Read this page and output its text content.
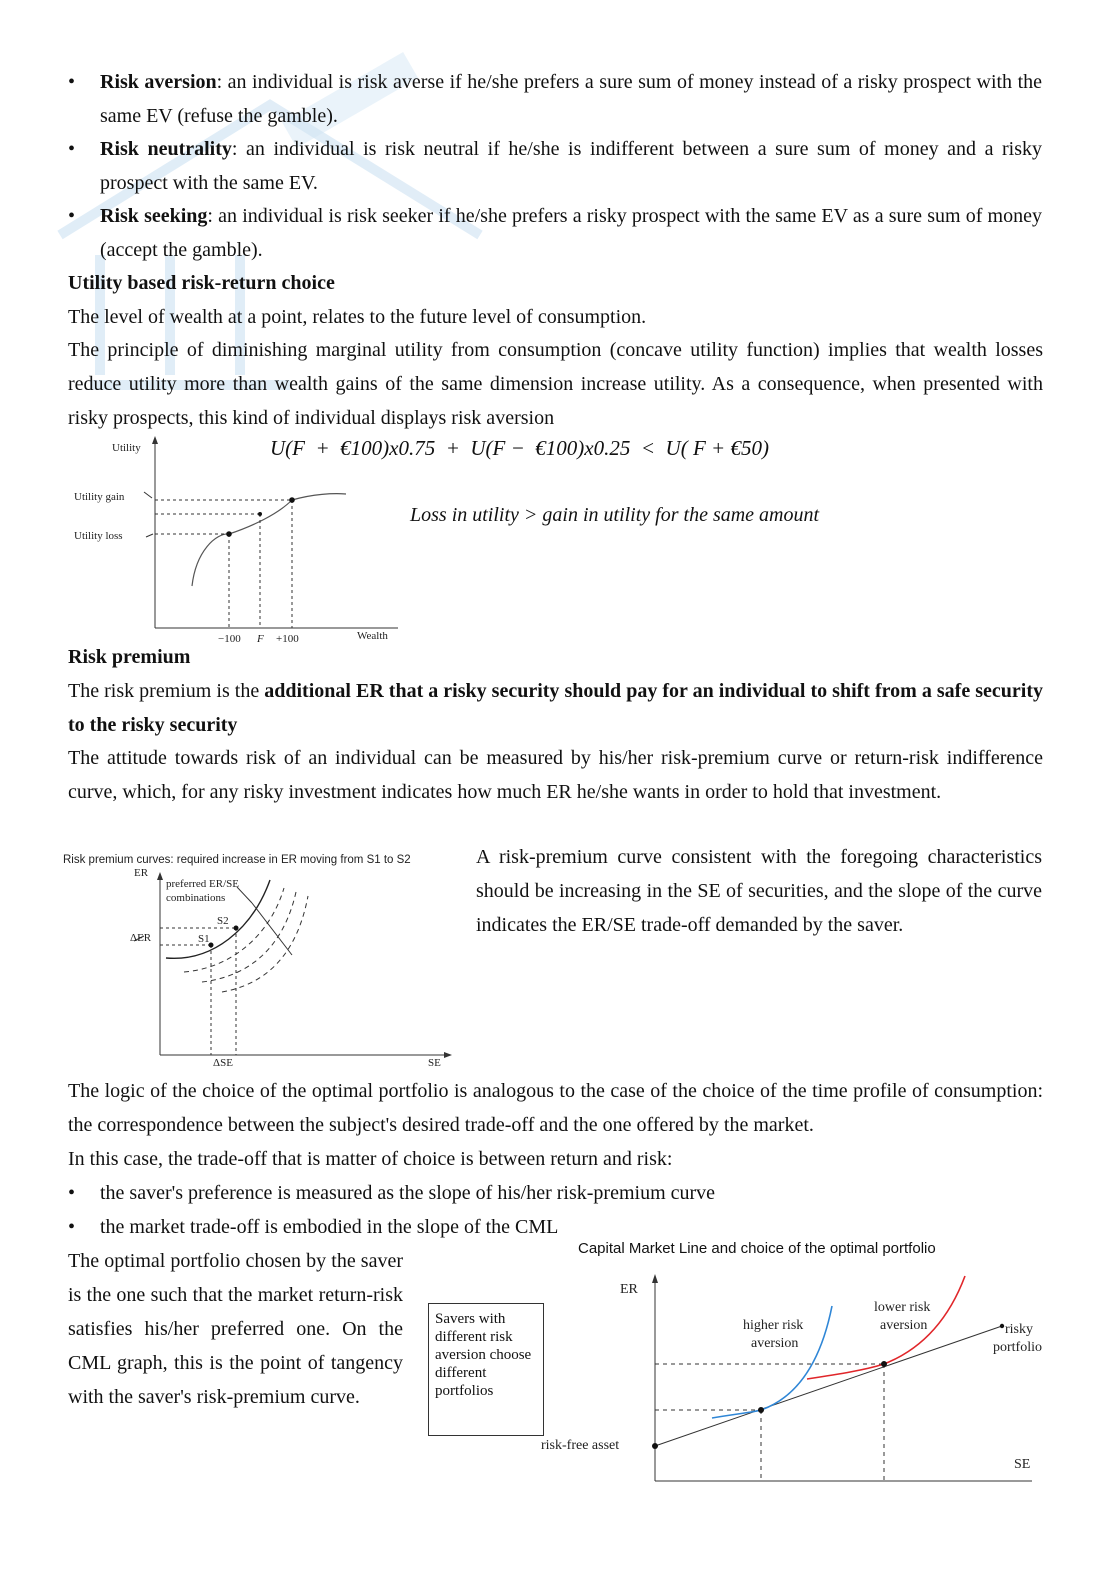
• Risk aversion: an individual is risk averse if he/she prefers a sure sum of money instead of a risky prospect with the same EV (refuse the gamble).
• Risk neutrality: an individual is risk neutral if he/she is indifferent between a sure sum of money and a risky prospect with the same EV.
• Risk seeking: an individual is risk seeker if he/she prefers a risky prospect with the same EV as a sure sum of money (accept the gamble).
Utility based risk-return choice
The level of wealth at a point, relates to the future level of consumption.
The principle of diminishing marginal utility from consumption (concave utility function) implies that wealth losses reduce utility more than wealth gains of the same dimension increase utility. As a consequence, when presented with risky prospects, this kind of individual displays risk aversion
U(F  +  €100)x0.75  +  U(F −  €100)x0.25  <  U( F + €50)
Loss in utility > gain in utility for the same amount
Utility
Utility gain
Utility loss
−100 F +100	Wealth
Risk premium
The risk premium is the additional ER that a risky security should pay for an individual to shift from a safe security to the risky security
The attitude towards risk of an individual can be measured by his/her risk-premium curve or return-risk indifference curve, which, for any risky investment indicates how much ER he/she wants in order to hold that investment.
Risk premium curves: required increase in ER moving from S1 to S2
ER
preferred ER/SE
combinations
S2
S1
ΔER
ΔSE	SE
A risk-premium curve consistent with the foregoing characteristics should be increasing in the SE of securities, and the slope of the curve indicates the ER/SE trade-off demanded by the saver.
The logic of the choice of the optimal portfolio is analogous to the case of the choice of the time profile of consumption: the correspondence between the subject's desired trade-off and the one offered by the market.
In this case, the trade-off that is matter of choice is between return and risk:
• the saver's preference is measured as the slope of his/her risk-premium curve
• the market trade-off is embodied in the slope of the CML
The optimal portfolio chosen by the saver is the one such that the market return-risk satisfies his/her preferred one. On the CML graph, this is the point of tangency with the saver's risk-premium curve.
Capital Market Line and choice of the optimal portfolio
Savers with different risk aversion choose different portfolios
ER
SE
risk-free asset
higher risk
aversion
lower risk
aversion	risky
portfolio
